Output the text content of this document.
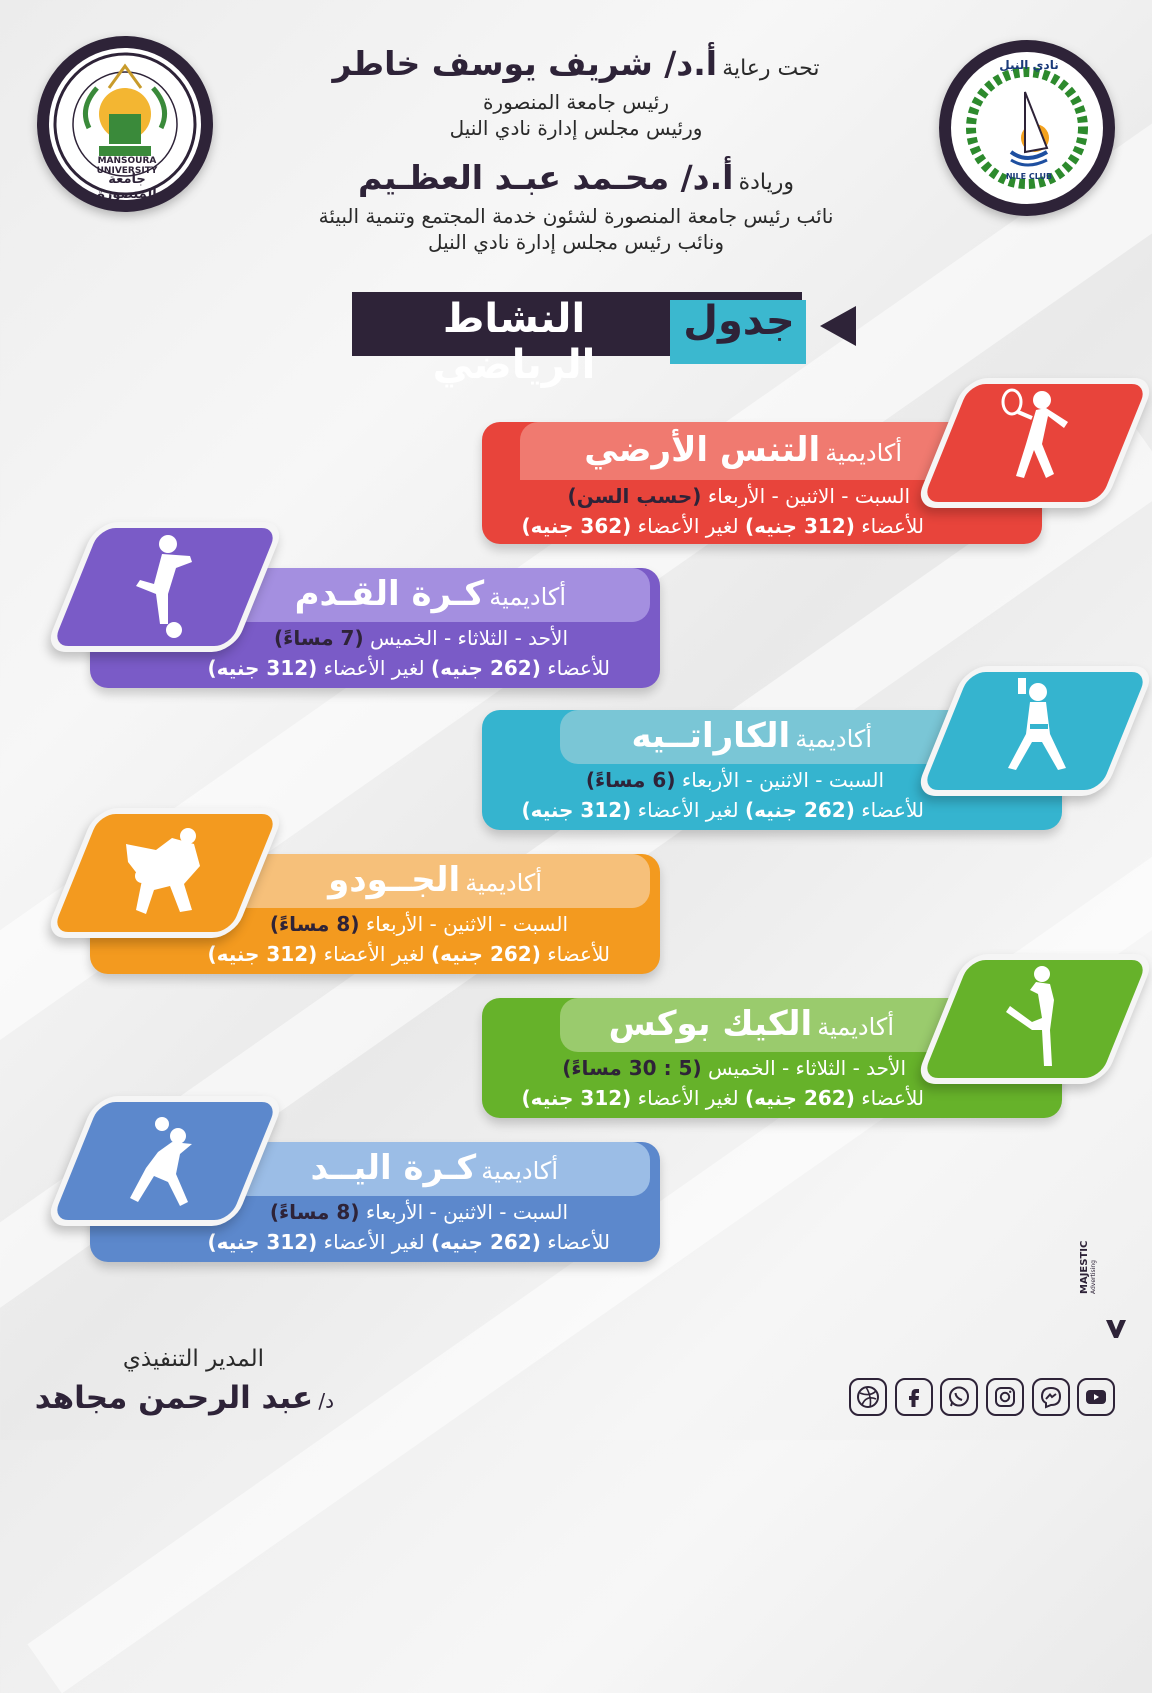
MANSOURA UNIVERSITY
جامعة المنصورة
نادي النيل
NILE CLUB
تحت رعاية أ.د/ شريف يوسف خاطر
رئيس جامعة المنصورة
ورئيس مجلس إدارة نادي النيل
وريادة أ.د/ محـمد عبـد العظـيم
نائب رئيس جامعة المنصورة لشئون خدمة المجتمع وتنمية البيئة
ونائب رئيس مجلس إدارة نادي النيل
جدول
النشاط الرياضي
أكاديمية التنس الأرضي
السبت - الاثنين - الأربعاء (حسب السن)
للأعضاء (312 جنيه) لغير الأعضاء (362 جنيه)
أكاديمية كـرة القـدم
الأحد - الثلاثاء - الخميس (7 مساءً)
للأعضاء (262 جنيه) لغير الأعضاء (312 جنيه)
أكاديمية الكاراتــيه
السبت - الاثنين - الأربعاء (6 مساءً)
للأعضاء (262 جنيه) لغير الأعضاء (312 جنيه)
أكاديمية الجــودو
السبت - الاثنين - الأربعاء (8 مساءً)
للأعضاء (262 جنيه) لغير الأعضاء (312 جنيه)
أكاديمية الكيك بوكس
الأحد - الثلاثاء - الخميس (5 : 30 مساءً)
للأعضاء (262 جنيه) لغير الأعضاء (312 جنيه)
أكاديمية كـرة اليــد
السبت - الاثنين - الأربعاء (8 مساءً)
للأعضاء (262 جنيه) لغير الأعضاء (312 جنيه)	MAJESTIC Advertising
المدير التنفيذي
د/ عبد الرحمن مجاهد
